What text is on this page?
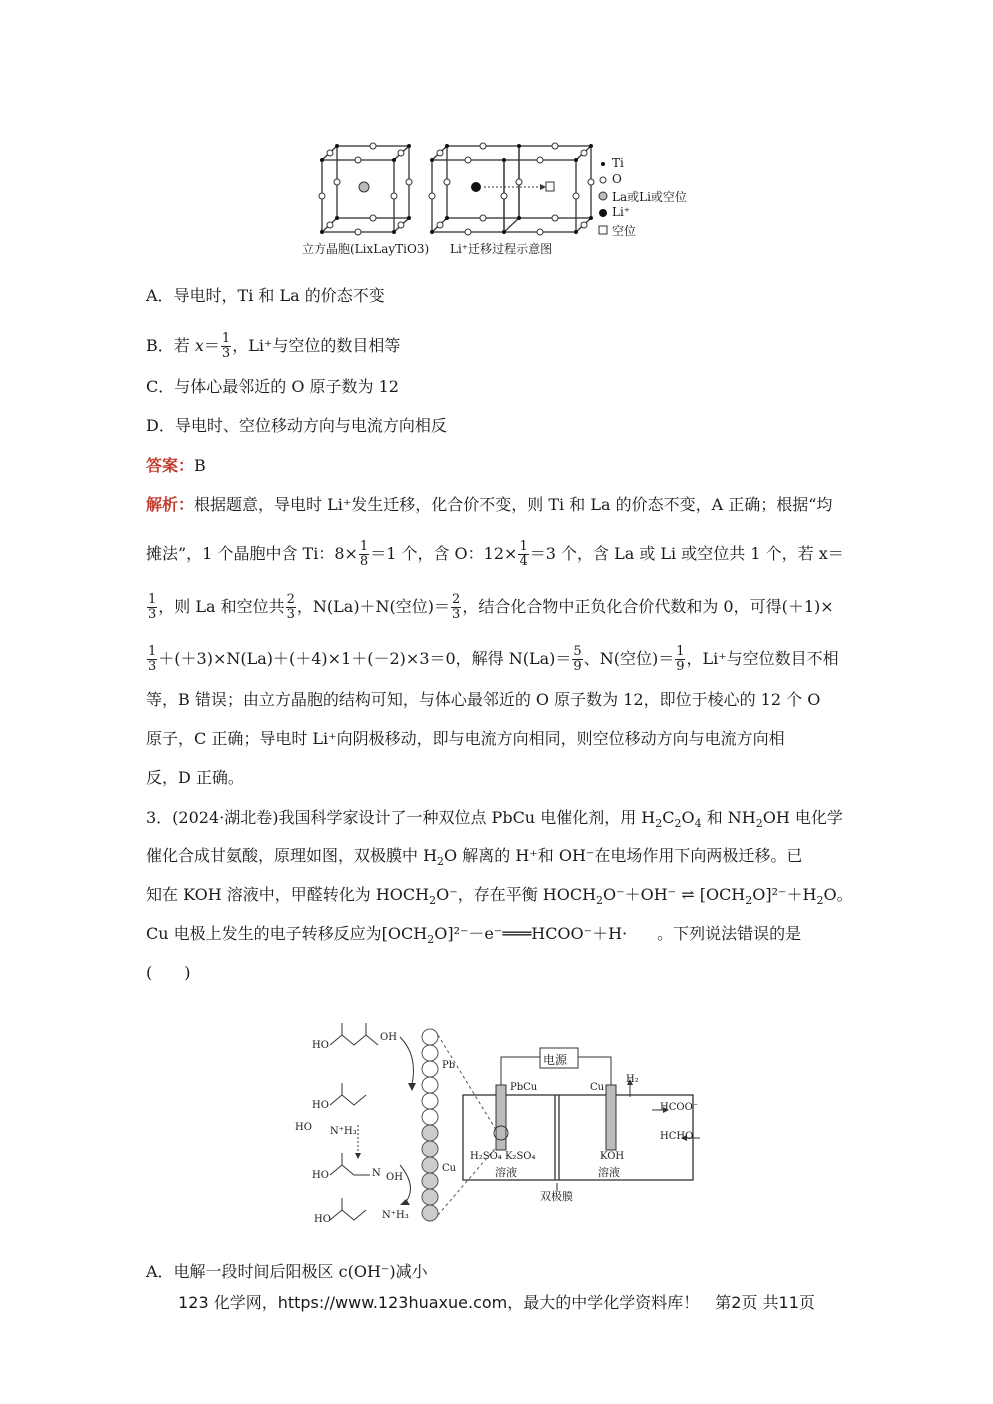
Ti
O
La或Li或空位
Li⁺
空位
立方晶胞(LixLayTiO3) Li⁺迁移过程示意图
A．导电时，Ti 和 La 的价态不变
B．若 $x= \frac{1}{3}$ ，Li⁺与空位的数目相等
C．与体心最邻近的 O 原子数为 12
D．导电时、空位移动方向与电流方向相反
答案：B
解析：根据题意，导电时 Li⁺发生迁移，化合价不变，则 Ti 和 La 的价态不变，A 正确；根据“均
摊法”，1 个晶胞中含 Ti：$8\times \frac{1}{8} =1$ 个，含 O：$12\times \frac{1}{4} =3$ 个，含 La 或 Li 或空位共 1 个，若 x＝
$\frac{1}{3}$ ，则 La 和空位共 $\frac{2}{3}$ ，N(La)＋N(空位)＝ $\frac{2}{3}$ ，结合化合物中正负化合价代数和为 0，可得(＋1)×
$\frac{1}{3} +(+3)\times N(La)+(+4)\times 1+(-2)\times 3=0$，解得 $N(La)= \frac{5}{9}$ 、N(空位)＝ $\frac{1}{9}$ ，Li⁺与空位数目不相
等，B 错误；由立方晶胞的结构可知，与体心最邻近的 O 原子数为 12，即位于棱心的 12 个 O
原子，C 正确；导电时 Li⁺向阴极移动，即与电流方向相同，则空位移动方向与电流方向相
反，D 正确。
3．(2024·湖北卷)我国科学家设计了一种双位点 PbCu 电催化剂，用 $H_2C_2O_4$ 和 $NH_2OH$ 电化学
催化合成甘氨酸，原理如图，双极膜中 $H_2O$ 解离的 H⁺和 OH⁻在电场作用下向两极迁移。已
知在 KOH 溶液中，甲醛转化为 $HOCH_2O^-$，存在平衡 $HOCH_2O^-+OH^-$ ⇌ $[OCH_2O]^{2-}+H_2O$。
Cu 电极上发生的电子转移反应为$[OCH_2O]^{2-}-e^-═══HCOO^-+H\cdot$ 。下列说法错误的是
(　　)
电源
PbCu	Cu
H₂
HCOO⁻
HCHO
H₂SO₄ K₂SO₄
溶液
KOH
溶液
双极膜
Pb
Cu
HO
OH
HO
HO N⁺H₃
HO	N OH
HO	N⁺H₃
A．电解一段时间后阳极区 c(OH⁻)减小
123 化学网，https://www.123huaxue.com，最大的中学化学资料库！　第2页 共11页
